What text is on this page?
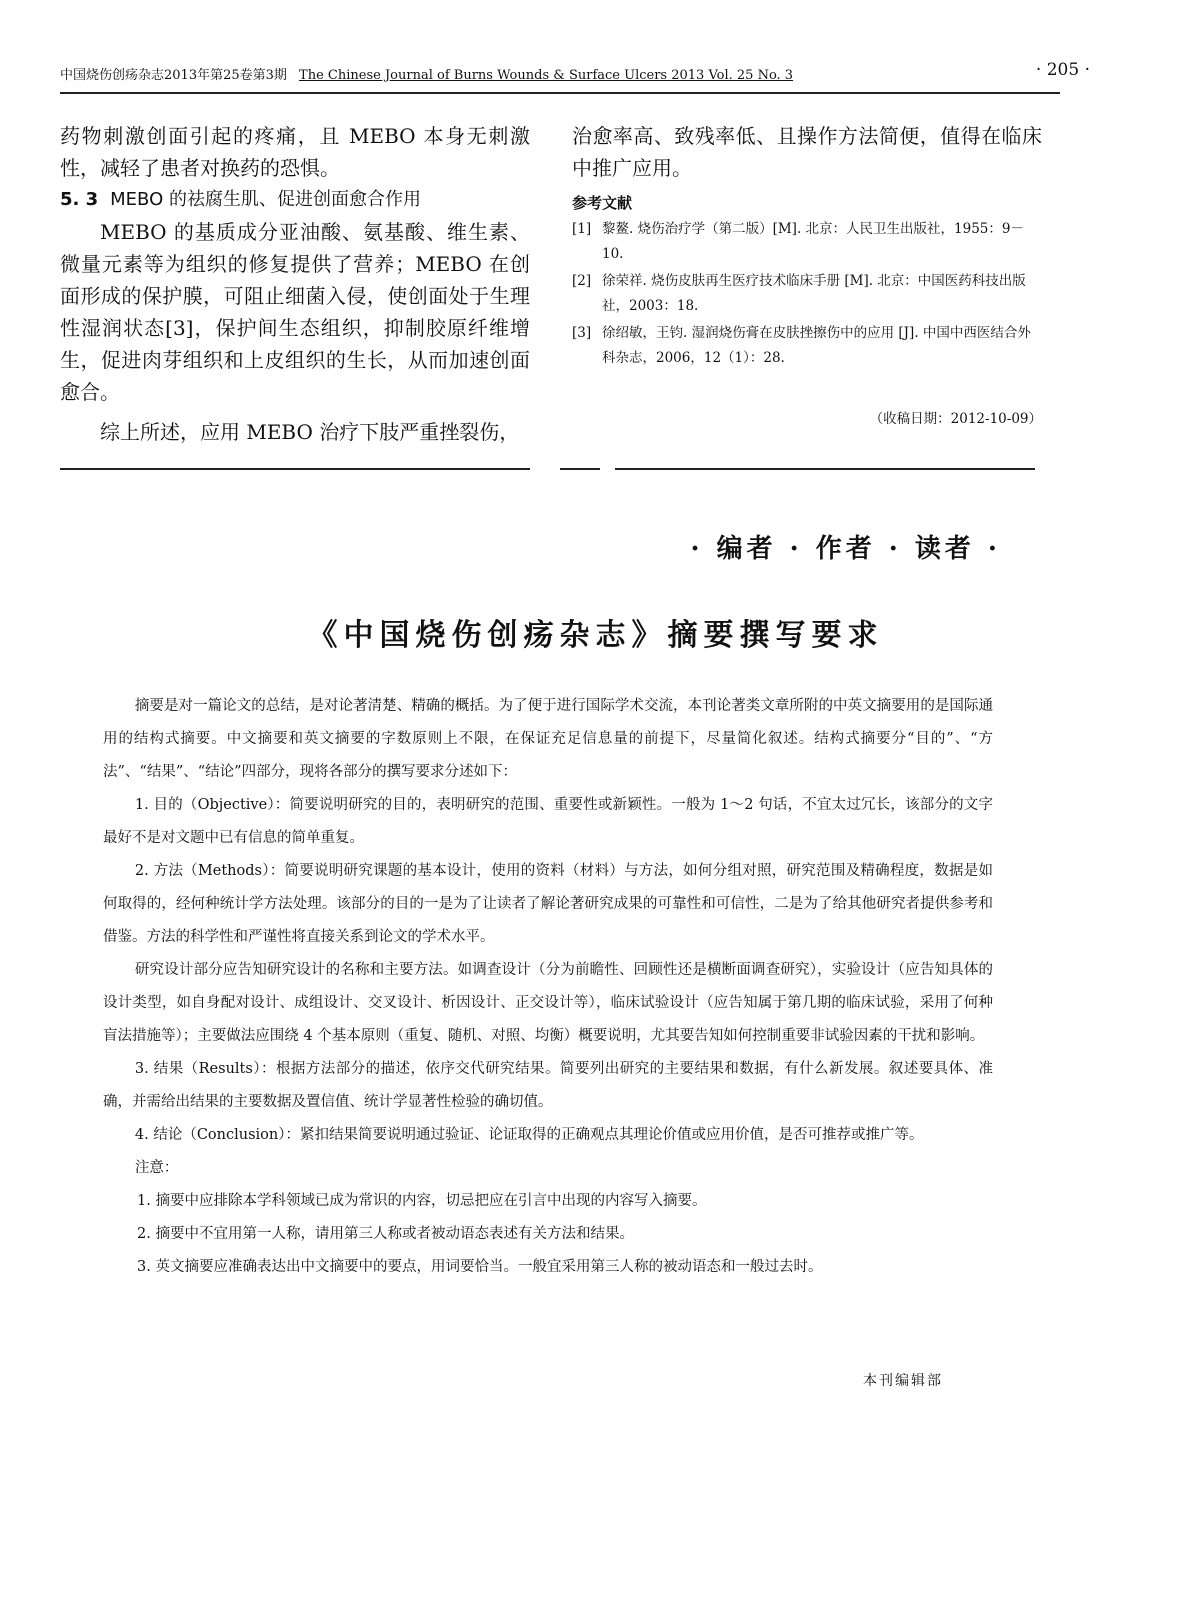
中国烧伤创疡杂志2013年第25卷第3期 The Chinese Journal of Burns Wounds & Surface Ulcers 2013 Vol. 25 No. 3	· 205 ·

药物刺激创面引起的疼痛，且 MEBO 本身无刺激性，减轻了患者对换药的恐惧。

5. 3 MEBO 的祛腐生肌、促进创面愈合作用

MEBO 的基质成分亚油酸、氨基酸、维生素、微量元素等为组织的修复提供了营养；MEBO 在创面形成的保护膜，可阻止细菌入侵，使创面处于生理性湿润状态[3]，保护间生态组织，抑制胶原纤维增生，促进肉芽组织和上皮组织的生长，从而加速创面愈合。

综上所述，应用 MEBO 治疗下肢严重挫裂伤，

治愈率高、致残率低、且操作方法简便，值得在临床中推广应用。

参考文献

[1] 黎鳌. 烧伤治疗学（第二版）[M]. 北京：人民卫生出版社，1955：9－10.

[2] 徐荣祥. 烧伤皮肤再生医疗技术临床手册 [M]. 北京：中国医药科技出版社，2003：18.

[3] 徐绍敏，王钧. 湿润烧伤膏在皮肤挫擦伤中的应用 [J]. 中国中西医结合外科杂志，2006，12（1）：28.

（收稿日期：2012-10-09）
· 编者 · 作者 · 读者 ·
《中国烧伤创疡杂志》摘要撰写要求

摘要是对一篇论文的总结，是对论著清楚、精确的概括。为了便于进行国际学术交流，本刊论著类文章所附的中英文摘要用的是国际通用的结构式摘要。中文摘要和英文摘要的字数原则上不限，在保证充足信息量的前提下，尽量简化叙述。结构式摘要分“目的”、“方法”、“结果”、“结论”四部分，现将各部分的撰写要求分述如下：

1. 目的（Objective）：简要说明研究的目的，表明研究的范围、重要性或新颖性。一般为 1～2 句话，不宜太过冗长，该部分的文字最好不是对文题中已有信息的简单重复。

2. 方法（Methods）：简要说明研究课题的基本设计，使用的资料（材料）与方法，如何分组对照，研究范围及精确程度，数据是如何取得的，经何种统计学方法处理。该部分的目的一是为了让读者了解论著研究成果的可靠性和可信性，二是为了给其他研究者提供参考和借鉴。方法的科学性和严谨性将直接关系到论文的学术水平。

研究设计部分应告知研究设计的名称和主要方法。如调查设计（分为前瞻性、回顾性还是横断面调查研究），实验设计（应告知具体的设计类型，如自身配对设计、成组设计、交叉设计、析因设计、正交设计等），临床试验设计（应告知属于第几期的临床试验，采用了何种盲法措施等）；主要做法应围绕 4 个基本原则（重复、随机、对照、均衡）概要说明，尤其要告知如何控制重要非试验因素的干扰和影响。

3. 结果（Results）：根据方法部分的描述，依序交代研究结果。简要列出研究的主要结果和数据，有什么新发展。叙述要具体、准确，并需给出结果的主要数据及置信值、统计学显著性检验的确切值。

4. 结论（Conclusion）：紧扣结果简要说明通过验证、论证取得的正确观点其理论价值或应用价值，是否可推荐或推广等。

注意：

1. 摘要中应排除本学科领域已成为常识的内容，切忌把应在引言中出现的内容写入摘要。

2. 摘要中不宜用第一人称，请用第三人称或者被动语态表述有关方法和结果。

3. 英文摘要应准确表达出中文摘要中的要点，用词要恰当。一般宜采用第三人称的被动语态和一般过去时。

本刊编辑部
